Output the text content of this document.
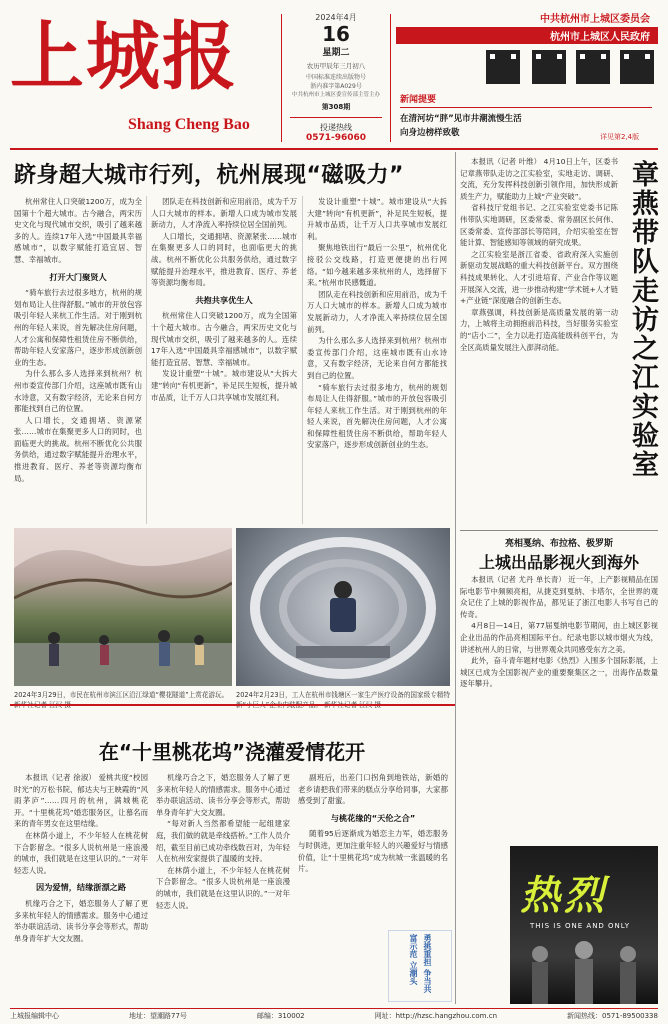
上城报
Shang Cheng Bao
2024年4月
16
星期二
农历甲辰年三月初八
中国标准连续出版物号
浙内准字第A029号
中共杭州市上城区委宣传部主管主办
第308期
投递热线
0571-96060
中共杭州市上城区委员会
杭州市上城区人民政府
新闻提要
在清河坊“胖”见市井潮流慢生活
向身边榜样致敬	详见第2,4版
跻身超大城市行列，杭州展现“磁吸力”

杭州常住人口突破1200万，成为全国第十个超大城市。古今融合，两宋历史文化与现代城市交织，吸引了越来越多的人。连续17年入选“中国最具幸福感城市”，以数字赋能打造宜居、智慧、幸福城市。

打开大门聚贤人

“骑车旅行去过很多地方，杭州的规划布局让人住得舒服。”城市的开放包容吸引年轻人来杭工作生活。对于刚到杭州的年轻人来说，首先解决住房问题，人才公寓和保障性租赁住房不断供给，帮助年轻人安家落户，逐步形成创新创业的生态。

为什么那么多人选择来到杭州？杭州市委宣传部门介绍，这座城市既有山水诗意，又有数字经济，无论来自何方都能找到自己的位置。

人口增长，交通拥堵、资源紧张……城市在集聚更多人口的同时，也面临更大的挑战。杭州不断优化公共服务供给，通过数字赋能提升治理水平，推进教育、医疗、养老等资源均衡布局。

团队走在科技创新和应用前沿，成为千万人口大城市的样本。新增人口成为城市发展新动力，人才净流入率持续位居全国前列。

人口增长，交通拥堵、资源紧张……城市在集聚更多人口的同时，也面临更大的挑战。杭州不断优化公共服务供给，通过数字赋能提升治理水平，推进教育、医疗、养老等资源均衡布局。

共抱共享优生人

杭州常住人口突破1200万，成为全国第十个超大城市。古今融合，两宋历史文化与现代城市交织，吸引了越来越多的人。连续17年入选“中国最具幸福感城市”，以数字赋能打造宜居、智慧、幸福城市。

发设计重塑“十城”。城市建设从“大拆大建”转向“有机更新”，补足民生短板，提升城市品质，让千万人口共享城市发展红利。

发设计重塑“十城”。城市建设从“大拆大建”转向“有机更新”，补足民生短板，提升城市品质，让千万人口共享城市发展红利。

聚焦地铁出行“最后一公里”，杭州优化接驳公交线路，打造更便捷的出行网络。“如今越来越多来杭州的人，选择留下来。”杭州市民感慨道。

团队走在科技创新和应用前沿，成为千万人口大城市的样本。新增人口成为城市发展新动力，人才净流入率持续位居全国前列。

为什么那么多人选择来到杭州？杭州市委宣传部门介绍，这座城市既有山水诗意，又有数字经济，无论来自何方都能找到自己的位置。

“骑车旅行去过很多地方，杭州的规划布局让人住得舒服。”城市的开放包容吸引年轻人来杭工作生活。对于刚到杭州的年轻人来说，首先解决住房问题，人才公寓和保障性租赁住房不断供给，帮助年轻人安家落户，逐步形成创新创业的生态。

2024年3月29日，市民在杭州市滨江区沿江绿道“樱花隧道”上赏花游玩。	2024年2月23日，工人在杭州市钱塘区一家生产医疗设备的国家级专精特

本报讯（记者 叶维） 4月10日上午，区委书记章燕带队走访之江实验室，实地走访、调研、交流，充分发挥科技创新引领作用，加快形成新质生产力，赋能助力上城“产业突破”。

省科技厅党组书记、之江实验室党委书记陈伟带队实地调研，区委常委、常务副区长何伟、区委常委、宣传部部长等陪同，介绍实验室在智能计算、智能感知等领域的研究成果。

之江实验室是浙江省委、省政府深入实施创新驱动发展战略的重大科技创新平台。双方围绕科技成果转化、人才引进培育、产业合作等议题开展深入交流，进一步推动构建“学术链+人才链+产业链”深度融合的创新生态。

章燕强调，科技创新是高质量发展的第一动力，上城将主动拥抱前沿科技，当好服务实验室的“店小二”，全力以赴打造高能级科创平台，为全区高质量发展注入澎湃动能。	章燕带队走访之江实验室
亮相戛纳、布拉格、极罗斯
上城出品影视火到海外

本报讯（记者 尤丹 单长青） 近一年，上产影视精品在国际电影节中频频亮相，从捷克到戛纳、卡塔尔，全世界的观众记住了上城的影视作品，都见证了浙江电影人书写自己的传奇。

4月8日—14日，第77届戛纳电影节期间，由上城区影视企业出品的作品亮相国际平台。纪录电影以城市烟火为线，讲述杭州人的日常，与世界观众共同感受东方之美。

此外，奋斗青年题材电影《热烈》入围多个国际影展，上城区已成为全国影视产业的重要聚集区之一，出海作品数量逐年攀升。

热烈
THIS IS ONE AND ONLY
在“十里桃花坞”浇灌爱情花开

本报讯（记者 徐淑） 爱桃共度“校园时光”的万松书院、郁达夫与王映霞的“风雨茅庐”……四月的杭州，满城桃花开。“十里桃花坞”婚恋服务区，让慕名而来的青年男女在这里结缘。

在林荫小道上，不少年轻人在桃花树下合影留念。“很多人说杭州是一座浪漫的城市，我们就是在这里认识的。”一对年轻恋人说。

因为爱情，结缘浙漂之路

机缘巧合之下，婚恋服务人了解了更多来杭年轻人的情感需求。服务中心通过举办联谊活动、读书分享会等形式，帮助单身青年扩大交友圈。

机缘巧合之下，婚恋服务人了解了更多来杭年轻人的情感需求。服务中心通过举办联谊活动、读书分享会等形式，帮助单身青年扩大交友圈。

“每对新人当然都希望能一起组建家庭，我们做的就是牵线搭桥。”工作人员介绍，截至目前已成功牵线数百对，为年轻人在杭州安家提供了温暖的支持。

在林荫小道上，不少年轻人在桃花树下合影留念。“很多人说杭州是一座浪漫的城市，我们就是在这里认识的。”一对年轻恋人说。

副班后，出差门口拐角到地铁站，新婚的老乡请把我们带来的糕点分享给同事，大家都感受到了甜蜜。

与桃花缘的“天伦之合”

随着95后逐渐成为婚恋主力军，婚恋服务与时俱进，更加注重年轻人的兴趣爱好与情感价值，让“十里桃花坞”成为杭城一张温暖的名片。

勇挑重担 争当共富示范 立潮头
上城报编辑中心	地址：望潮路77号	邮编：310002	网址：http://hzsc.hangzhou.com.cn	新闻热线：0571-89500338
